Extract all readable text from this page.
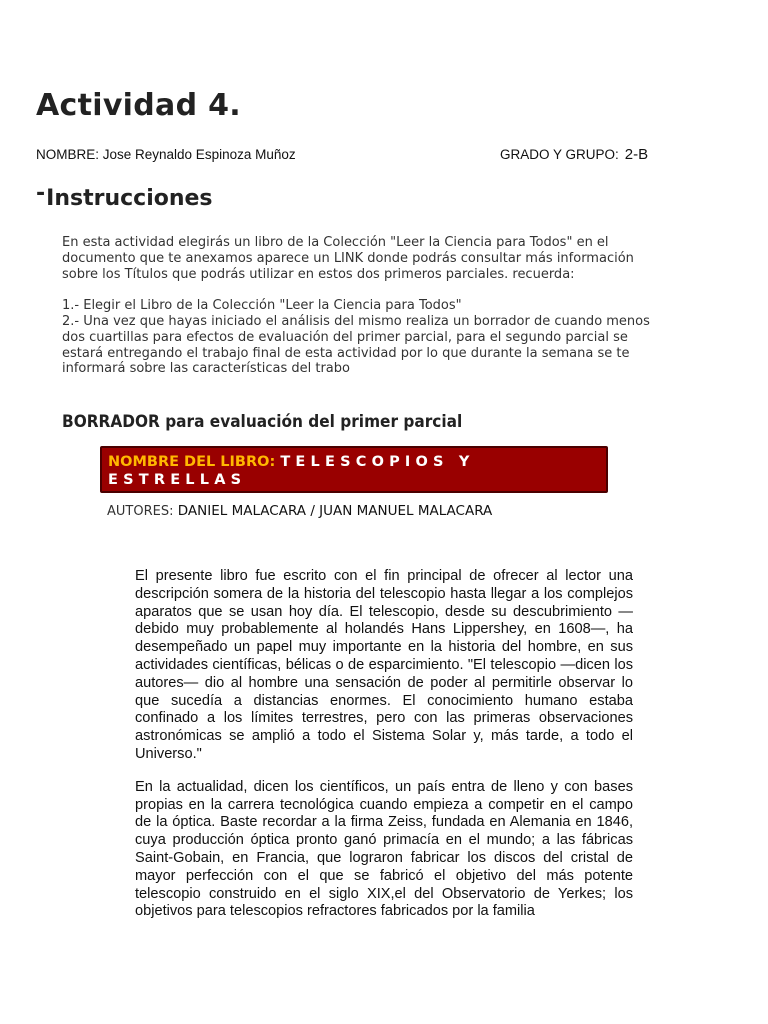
Actividad 4.
NOMBRE: Jose Reynaldo Espinoza Muñoz	GRADO Y GRUPO: 2-B
-Instrucciones

En esta actividad elegirás un libro de la Colección "Leer la Ciencia para Todos" en el documento que te anexamos aparece un LINK donde podrás consultar más información sobre los Títulos que podrás utilizar en estos dos primeros parciales. recuerda:

1.- Elegir el Libro de la Colección "Leer la Ciencia para Todos"

2.- Una vez que hayas iniciado el análisis del mismo realiza un borrador de cuando menos dos cuartillas para efectos de evaluación del primer parcial, para el segundo parcial se estará entregando el trabajo final de esta actividad por lo que durante la semana se te informará sobre las características del trabo

BORRADOR para evaluación del primer parcial
NOMBRE DEL LIBRO: TELESCOPIOS Y ESTRELLAS
AUTORES: DANIEL MALACARA / JUAN MANUEL MALACARA

El presente libro fue escrito con el fin principal de ofrecer al lector una descripción somera de la historia del telescopio hasta llegar a los complejos aparatos que se usan hoy día. El telescopio, desde su descubrimiento —debido muy probablemente al holandés Hans Lippershey, en 1608—, ha desempeñado un papel muy importante en la historia del hombre, en sus actividades científicas, bélicas o de esparcimiento. "El telescopio —dicen los autores— dio al hombre una sensación de poder al permitirle observar lo que sucedía a distancias enormes. El conocimiento humano estaba confinado a los límites terrestres, pero con las primeras observaciones astronómicas se amplió a todo el Sistema Solar y, más tarde, a todo el Universo."

En la actualidad, dicen los científicos, un país entra de lleno y con bases propias en la carrera tecnológica cuando empieza a competir en el campo de la óptica. Baste recordar a la firma Zeiss, fundada en Alemania en 1846, cuya producción óptica pronto ganó primacía en el mundo; a las fábricas Saint-Gobain, en Francia, que lograron fabricar los discos del cristal de mayor perfección con el que se fabricó el objetivo del más potente telescopio construido en el siglo XIX,el del Observatorio de Yerkes; los objetivos para telescopios refractores fabricados por la familia
